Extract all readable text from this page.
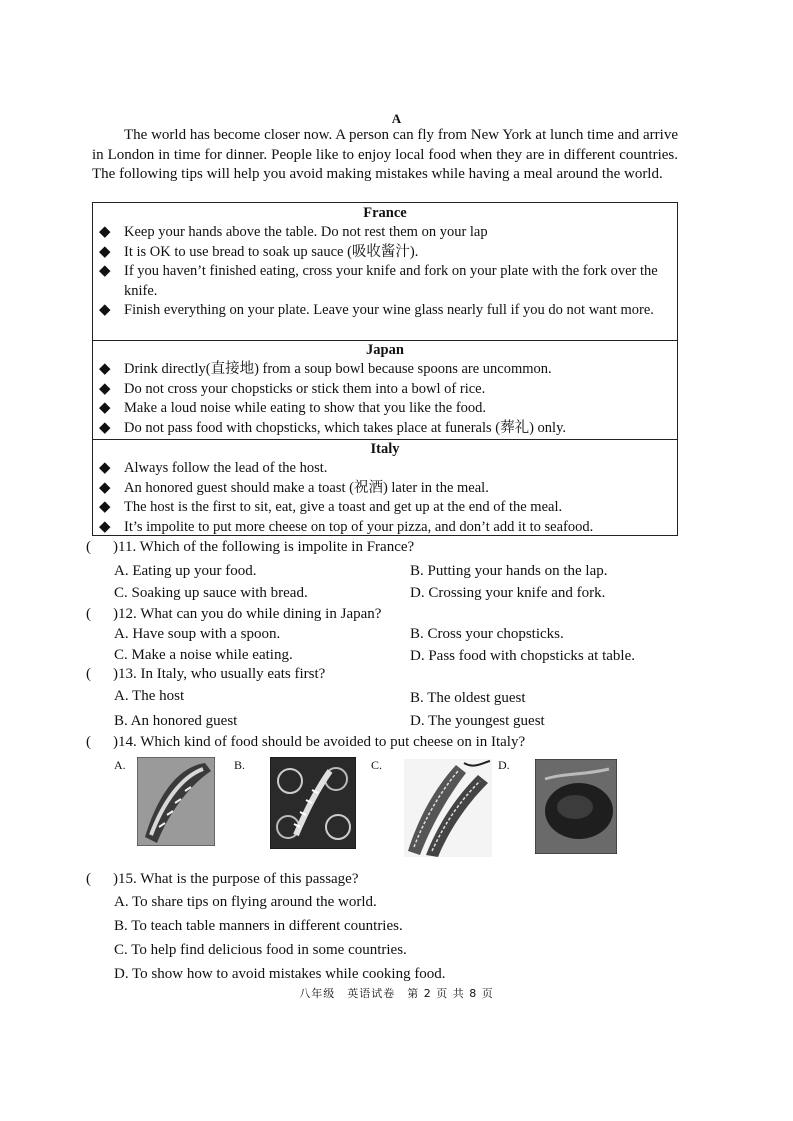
A
The world has become closer now. A person can fly from New York at lunch time and arrive in London in time for dinner. People like to enjoy local food when they are in different countries. The following tips will help you avoid making mistakes while having a meal around the world.
France
◆ Keep your hands above the table. Do not rest them on your lap
◆ It is OK to use bread to soak up sauce (吸收酱汁).
◆ If you haven’t finished eating, cross your knife and fork on your plate with the fork over the knife.
◆ Finish everything on your plate. Leave your wine glass nearly full if you do not want more.
Japan
◆ Drink directly(直接地) from a soup bowl because spoons are uncommon.
◆ Do not cross your chopsticks or stick them into a bowl of rice.
◆ Make a loud noise while eating to show that you like the food.
◆ Do not pass food with chopsticks, which takes place at funerals (葬礼) only.
Italy
◆ Always follow the lead of the host.
◆ An honored guest should make a toast (祝酒) later in the meal.
◆ The host is the first to sit, eat, give a toast and get up at the end of the meal.
◆ It’s impolite to put more cheese on top of your pizza, and don’t add it to seafood.
( )11. Which of the following is impolite in France?
A. Eating up your food.	B. Putting your hands on the lap.
C. Soaking up sauce with bread.	D. Crossing your knife and fork.
( )12. What can you do while dining in Japan?
A. Have soup with a spoon.	B. Cross your chopsticks.
C. Make a noise while eating.	D. Pass food with chopsticks at table.
( )13. In Italy, who usually eats first?
A. The host	B. The oldest guest
B. An honored guest	D. The youngest guest
( )14. Which kind of food should be avoided to put cheese on in Italy?
A.	B.	C.	D.
( )15. What is the purpose of this passage?
A. To share tips on flying around the world.
B. To teach table manners in different countries.
C. To help find delicious food in some countries.
D. To show how to avoid mistakes while cooking food.
八年级　英语试卷　第 2 页 共 8 页
